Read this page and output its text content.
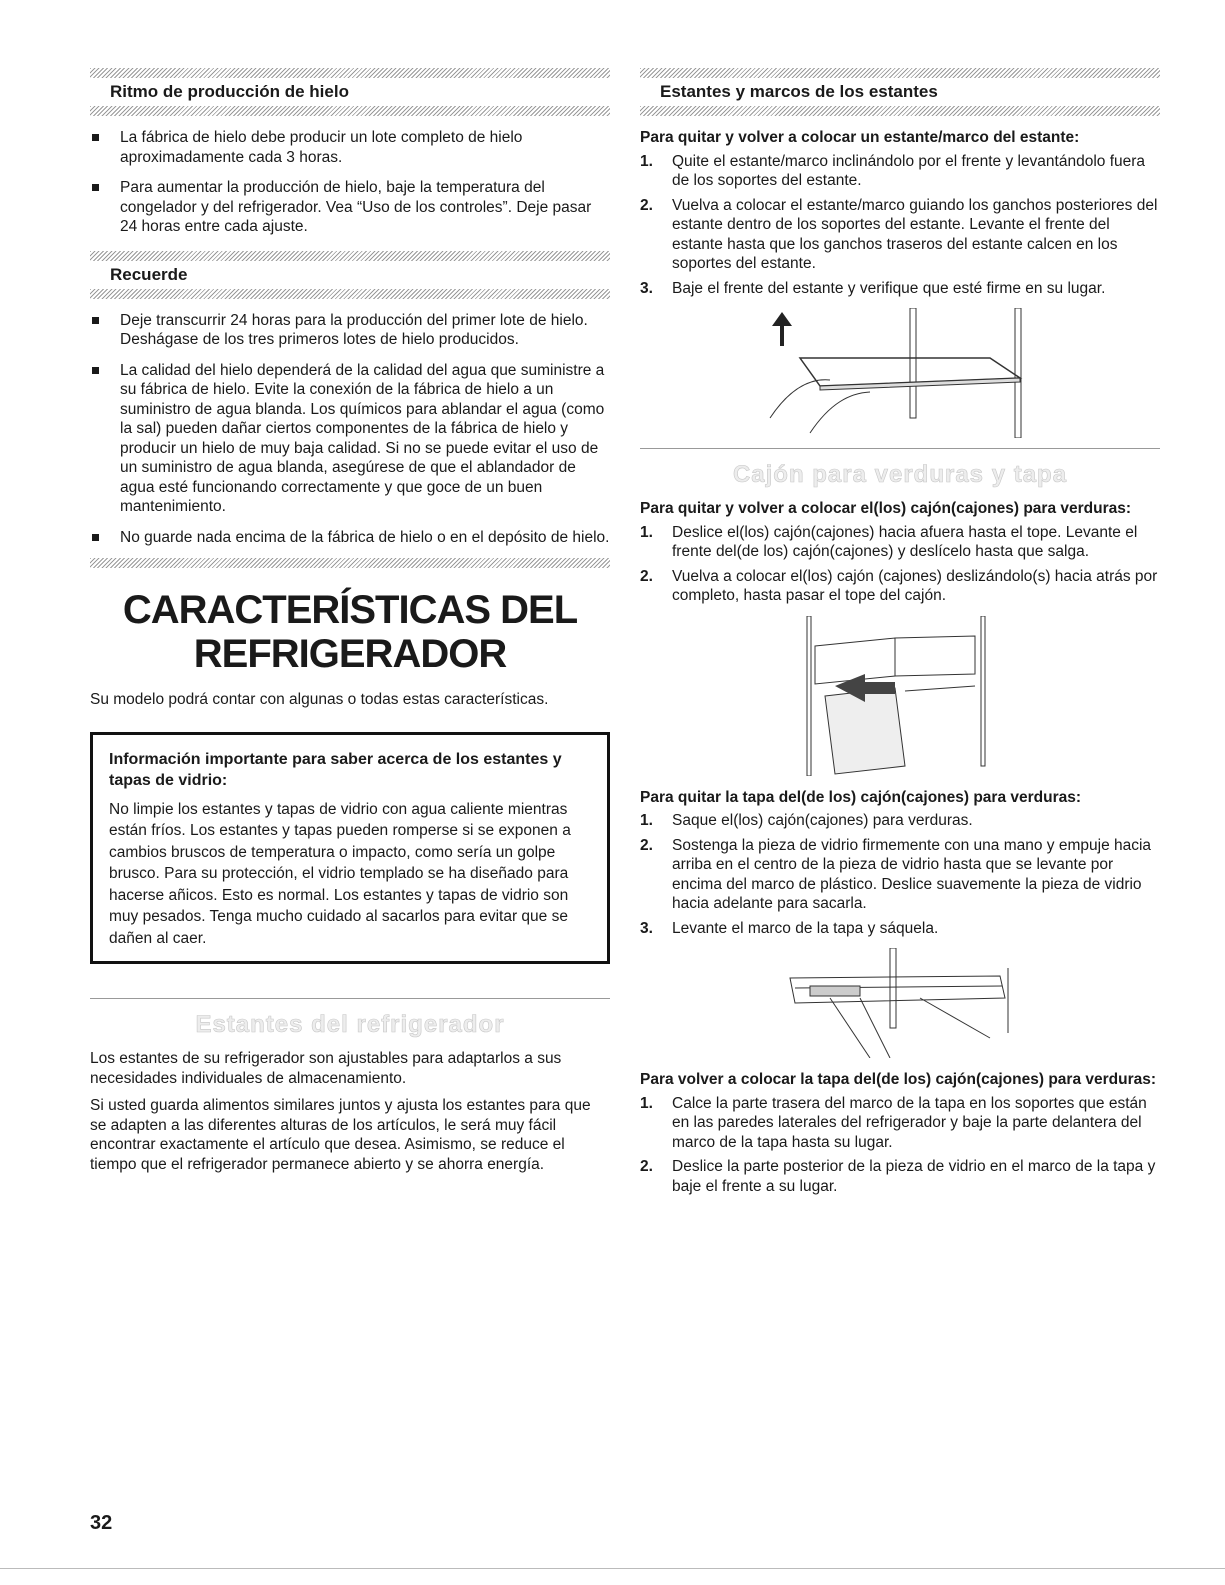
Ritmo de producción de hielo
La fábrica de hielo debe producir un lote completo de hielo aproximadamente cada 3 horas.
Para aumentar la producción de hielo, baje la temperatura del congelador y del refrigerador. Vea “Uso de los controles”. Deje pasar 24 horas entre cada ajuste.
Recuerde
Deje transcurrir 24 horas para la producción del primer lote de hielo. Deshágase de los tres primeros lotes de hielo producidos.
La calidad del hielo dependerá de la calidad del agua que suministre a su fábrica de hielo. Evite la conexión de la fábrica de hielo a un suministro de agua blanda. Los químicos para ablandar el agua (como la sal) pueden dañar ciertos componentes de la fábrica de hielo y producir un hielo de muy baja calidad. Si no se puede evitar el uso de un suministro de agua blanda, asegúrese de que el ablandador de agua esté funcionando correctamente y que goce de un buen mantenimiento.
No guarde nada encima de la fábrica de hielo o en el depósito de hielo.
CARACTERÍSTICAS DEL
REFRIGERADOR

Su modelo podrá contar con algunas o todas estas características.

Información importante para saber acerca de los estantes y tapas de vidrio:

No limpie los estantes y tapas de vidrio con agua caliente mientras están fríos. Los estantes y tapas pueden romperse si se exponen a cambios bruscos de temperatura o impacto, como sería un golpe brusco. Para su protección, el vidrio templado se ha diseñado para hacerse añicos. Esto es normal. Los estantes y tapas de vidrio son muy pesados. Tenga mucho cuidado al sacarlos para evitar que se dañen al caer.

Estantes del refrigerador

Los estantes de su refrigerador son ajustables para adaptarlos a sus necesidades individuales de almacenamiento.

Si usted guarda alimentos similares juntos y ajusta los estantes para que se adapten a las diferentes alturas de los artículos, le será muy fácil encontrar exactamente el artículo que desea. Asimismo, se reduce el tiempo que el refrigerador permanece abierto y se ahorra energía.

Estantes y marcos de los estantes

Para quitar y volver a colocar un estante/marco del estante:

1. Quite el estante/marco inclinándolo por el frente y levantándolo fuera de los soportes del estante.
2. Vuelva a colocar el estante/marco guiando los ganchos posteriores del estante dentro de los soportes del estante. Levante el frente del estante hasta que los ganchos traseros del estante calcen en los soportes del estante.
3. Baje el frente del estante y verifique que esté firme en su lugar.
Cajón para verduras y tapa

Para quitar y volver a colocar el(los) cajón(cajones) para verduras:

1. Deslice el(los) cajón(cajones) hacia afuera hasta el tope. Levante el frente del(de los) cajón(cajones) y deslícelo hasta que salga.
2. Vuelva a colocar el(los) cajón (cajones) deslizándolo(s) hacia atrás por completo, hasta pasar el tope del cajón.

Para quitar la tapa del(de los) cajón(cajones) para verduras:

1. Saque el(los) cajón(cajones) para verduras.
2. Sostenga la pieza de vidrio firmemente con una mano y empuje hacia arriba en el centro de la pieza de vidrio hasta que se levante por encima del marco de plástico. Deslice suavemente la pieza de vidrio hacia adelante para sacarla.
3. Levante el marco de la tapa y sáquela.

Para volver a colocar la tapa del(de los) cajón(cajones) para verduras:

1. Calce la parte trasera del marco de la tapa en los soportes que están en las paredes laterales del refrigerador y baje la parte delantera del marco de la tapa hasta su lugar.
2. Deslice la parte posterior de la pieza de vidrio en el marco de la tapa y baje el frente a su lugar.
32
